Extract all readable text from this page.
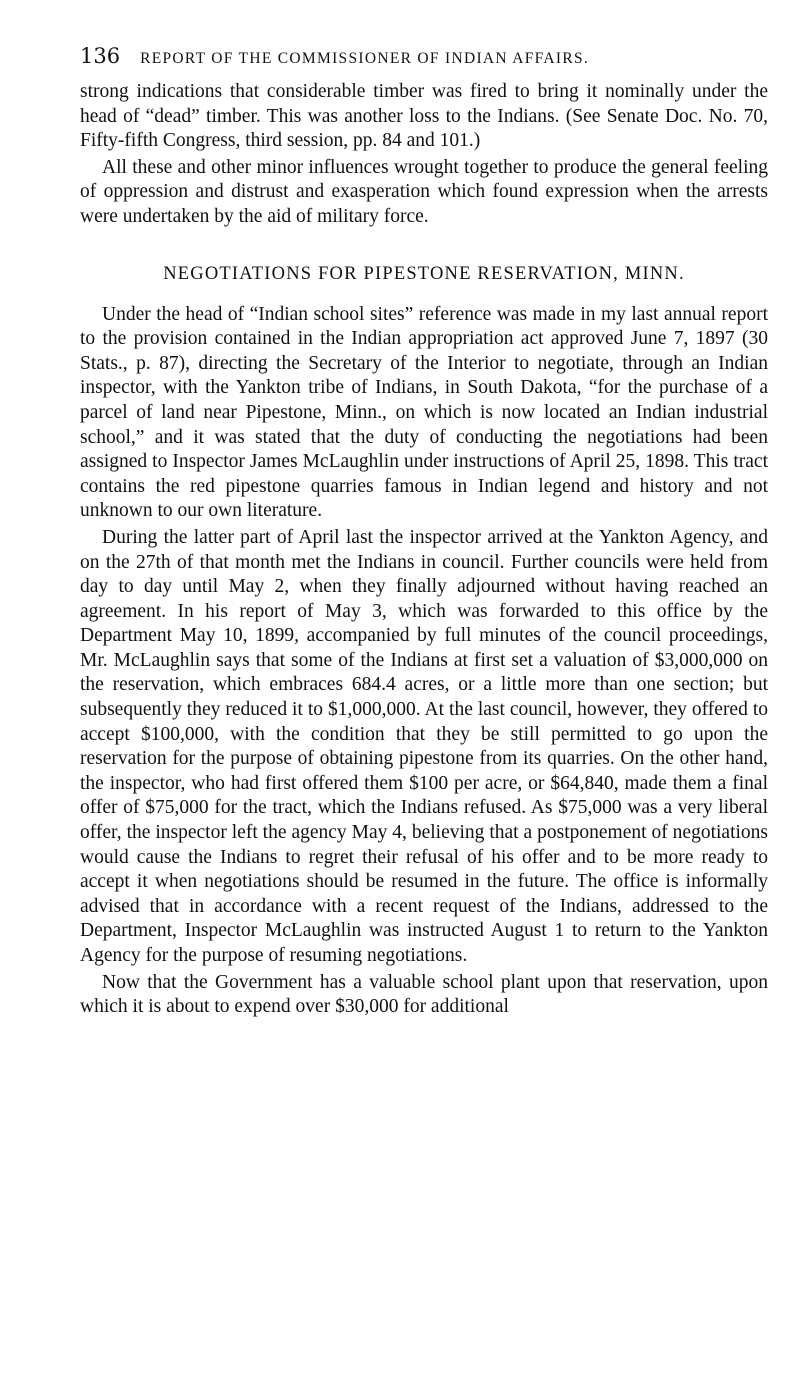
136 REPORT OF THE COMMISSIONER OF INDIAN AFFAIRS.

strong indications that considerable timber was fired to bring it nominally under the head of “dead” timber. This was another loss to the Indians. (See Senate Doc. No. 70, Fifty-fifth Congress, third session, pp. 84 and 101.)

All these and other minor influences wrought together to produce the general feeling of oppression and distrust and exasperation which found expression when the arrests were undertaken by the aid of military force.

NEGOTIATIONS FOR PIPESTONE RESERVATION, MINN.

Under the head of “Indian school sites” reference was made in my last annual report to the provision contained in the Indian appropriation act approved June 7, 1897 (30 Stats., p. 87), directing the Secretary of the Interior to negotiate, through an Indian inspector, with the Yankton tribe of Indians, in South Dakota, “for the purchase of a parcel of land near Pipestone, Minn., on which is now located an Indian industrial school,” and it was stated that the duty of conducting the negotiations had been assigned to Inspector James McLaughlin under instructions of April 25, 1898. This tract contains the red pipestone quarries famous in Indian legend and history and not unknown to our own literature.

During the latter part of April last the inspector arrived at the Yankton Agency, and on the 27th of that month met the Indians in council. Further councils were held from day to day until May 2, when they finally adjourned without having reached an agreement. In his report of May 3, which was forwarded to this office by the Department May 10, 1899, accompanied by full minutes of the council proceedings, Mr. McLaughlin says that some of the Indians at first set a valuation of $3,000,000 on the reservation, which embraces 684.4 acres, or a little more than one section; but subsequently they reduced it to $1,000,000. At the last council, however, they offered to accept $100,000, with the condition that they be still permitted to go upon the reservation for the purpose of obtaining pipestone from its quarries. On the other hand, the inspector, who had first offered them $100 per acre, or $64,840, made them a final offer of $75,000 for the tract, which the Indians refused. As $75,000 was a very liberal offer, the inspector left the agency May 4, believing that a postponement of negotiations would cause the Indians to regret their refusal of his offer and to be more ready to accept it when negotiations should be resumed in the future. The office is informally advised that in accordance with a recent request of the Indians, addressed to the Department, Inspector McLaughlin was instructed August 1 to return to the Yankton Agency for the purpose of resuming negotiations.

Now that the Government has a valuable school plant upon that reservation, upon which it is about to expend over $30,000 for additional
